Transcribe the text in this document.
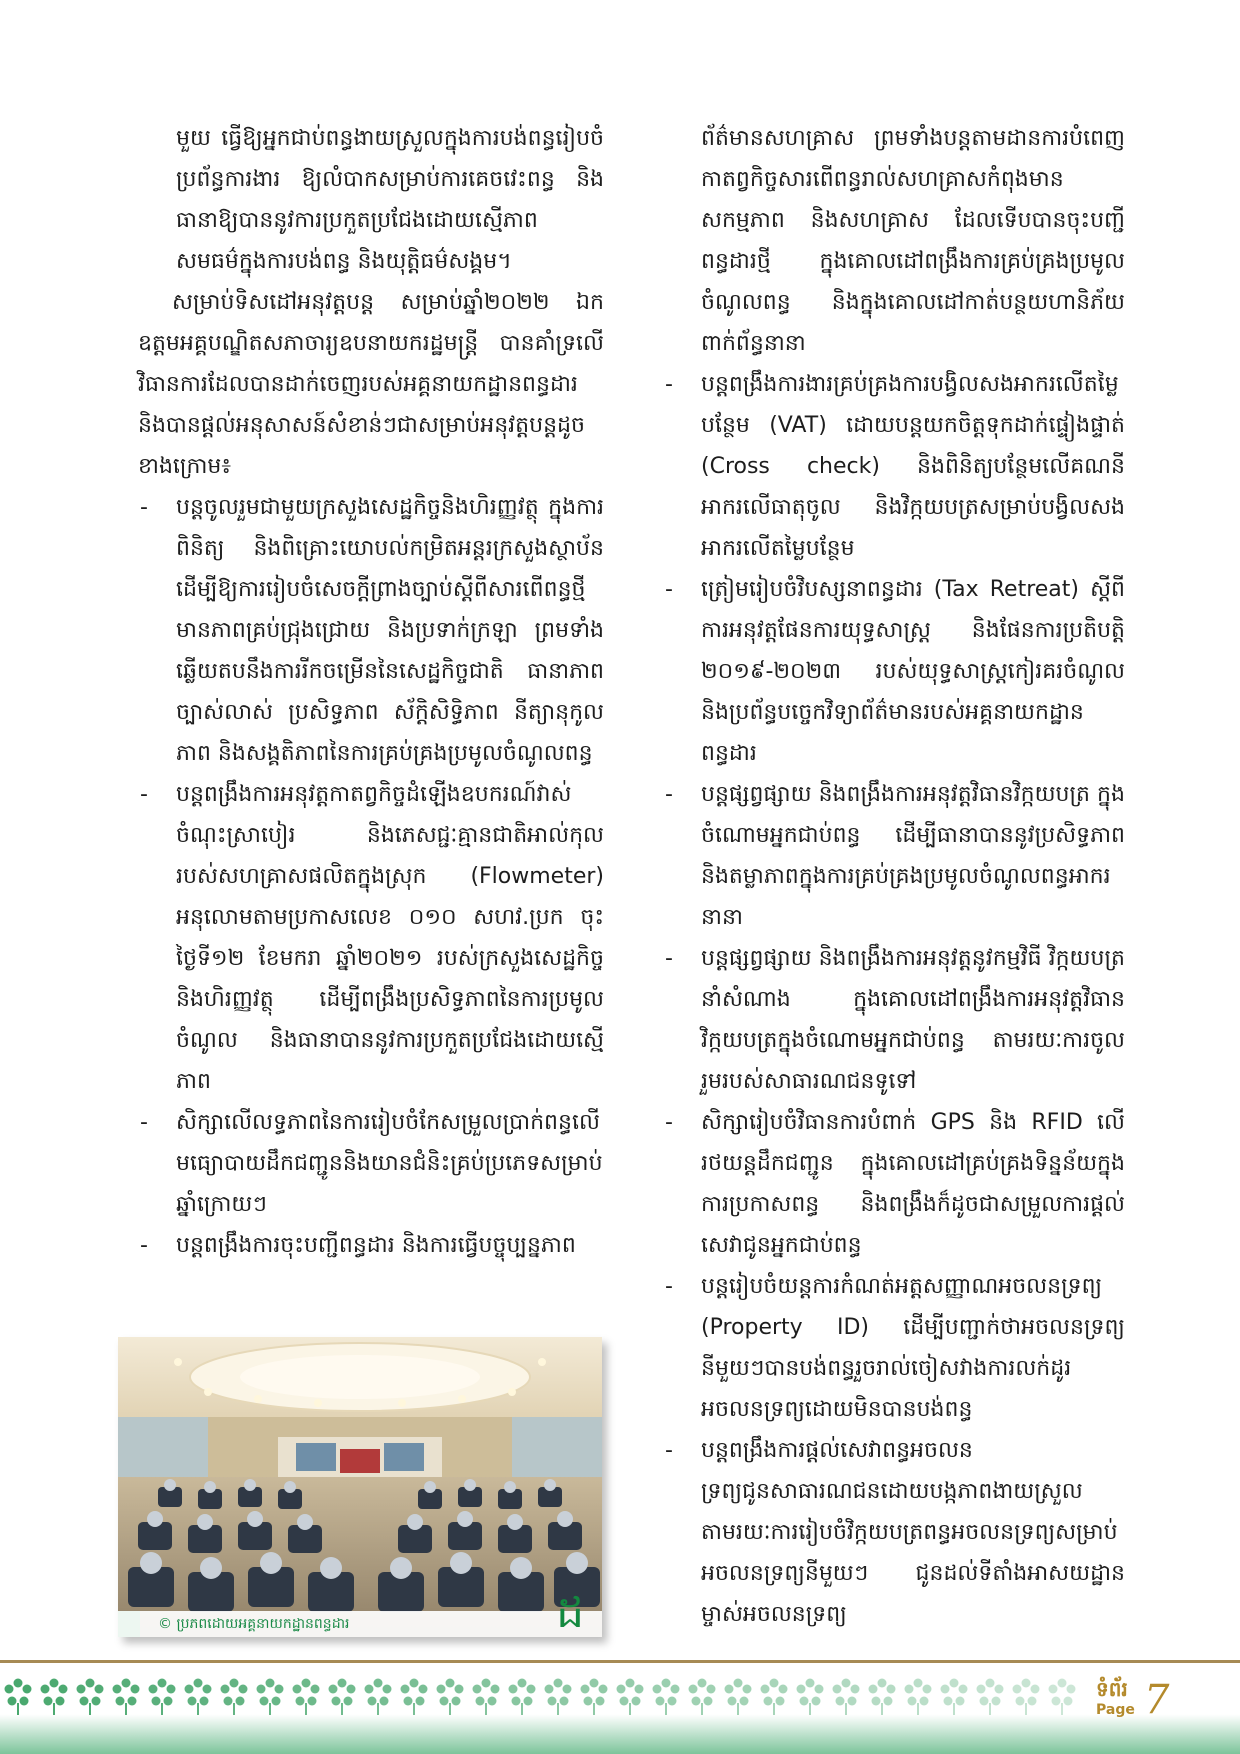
មួយ ធ្វើឱ្យអ្នកជាប់ពន្ធងាយស្រួលក្នុងការបង់ពន្ធរៀបចំប្រព័ន្ធការងារ ឱ្យលំបាកសម្រាប់ការគេចវេះពន្ធ និងធានាឱ្យបាននូវការប្រកួតប្រជែងដោយស្មើភាព សមធម៌ក្នុងការបង់ពន្ធ និងយុត្តិធម៌សង្គម។

សម្រាប់ទិសដៅអនុវត្តបន្ត សម្រាប់ឆ្នាំ២០២២ ឯកឧត្តមអគ្គបណ្ឌិតសភាចារ្យឧបនាយករដ្ឋមន្ត្រី បានគាំទ្រលើវិធានការដែលបានដាក់ចេញរបស់អគ្គនាយកដ្ឋានពន្ធដារ និងបានផ្តល់អនុសាសន៍សំខាន់ៗជាសម្រាប់អនុវត្តបន្តដូចខាងក្រោម៖

- បន្តចូលរួមជាមួយក្រសួងសេដ្ឋកិច្ចនិងហិរញ្ញវត្ថុ ក្នុងការពិនិត្យ និងពិគ្រោះយោបល់កម្រិតអន្តរក្រសួងស្ថាប័ន ដើម្បីឱ្យការរៀបចំសេចក្តីព្រាងច្បាប់ស្តីពីសារពើពន្ធថ្មី មានភាពគ្រប់ជ្រុងជ្រោយ និងប្រទាក់ក្រឡា ព្រមទាំងឆ្លើយតបនឹងការរីកចម្រើននៃសេដ្ឋកិច្ចជាតិ ធានាភាពច្បាស់លាស់ ប្រសិទ្ធភាព ស័ក្តិសិទ្ធិភាព នីត្យានុកូលភាព និងសង្គតិភាពនៃការគ្រប់គ្រងប្រមូលចំណូលពន្ធ
- បន្តពង្រឹងការអនុវត្តកាតព្វកិច្ចដំឡើងឧបករណ៍វាស់ចំណុះស្រាបៀរ និងភេសជ្ជៈគ្មានជាតិអាល់កុលរបស់សហគ្រាសផលិតក្នុងស្រុក (Flowmeter) អនុលោមតាមប្រកាសលេខ ០១០ សហវ.ប្រក ចុះថ្ងៃទី១២ ខែមករា ឆ្នាំ២០២១ របស់ក្រសួងសេដ្ឋកិច្ចនិងហិរញ្ញវត្ថុ ដើម្បីពង្រឹងប្រសិទ្ធភាពនៃការប្រមូលចំណូល និងធានាបាននូវការប្រកួតប្រជែងដោយស្មើភាព
- សិក្សាលើលទ្ធភាពនៃការរៀបចំកែសម្រួលប្រាក់ពន្ធលើមធ្យោបាយដឹកជញ្ជូននិងយានជំនិះគ្រប់ប្រភេទសម្រាប់ឆ្នាំក្រោយៗ
- បន្តពង្រឹងការចុះបញ្ជីពន្ធដារ និងការធ្វើបច្ចុប្បន្នភាព

ព័ត៌មានសហគ្រាស ព្រមទាំងបន្តតាមដានការបំពេញកាតព្វកិច្ចសារពើពន្ធរាល់សហគ្រាសកំពុងមានសកម្មភាព និងសហគ្រាស ដែលទើបបានចុះបញ្ជីពន្ធដារថ្មី ក្នុងគោលដៅពង្រឹងការគ្រប់គ្រងប្រមូលចំណូលពន្ធ និងក្នុងគោលដៅកាត់បន្ថយហានិភ័យពាក់ព័ន្ធនានា

- បន្តពង្រឹងការងារគ្រប់គ្រងការបង្វិលសងអាករលើតម្លៃបន្ថែម (VAT) ដោយបន្តយកចិត្តទុកដាក់ផ្ទៀងផ្ទាត់ (Cross check) និងពិនិត្យបន្ថែមលើគណនីអាករលើធាតុចូល និងវិក្កយបត្រសម្រាប់បង្វិលសងអាករលើតម្លៃបន្ថែម
- ត្រៀមរៀបចំវិបស្សនាពន្ធដារ (Tax Retreat) ស្តីពីការអនុវត្តផែនការយុទ្ធសាស្ត្រ និងផែនការប្រតិបត្តិ ២០១៩-២០២៣ របស់យុទ្ធសាស្ត្រកៀរគរចំណូល និងប្រព័ន្ធបច្ចេកវិទ្យាព័ត៌មានរបស់អគ្គនាយកដ្ឋានពន្ធដារ
- បន្តផ្សព្វផ្សាយ និងពង្រឹងការអនុវត្តវិធានវិក្កយបត្រ ក្នុងចំណោមអ្នកជាប់ពន្ធ ដើម្បីធានាបាននូវប្រសិទ្ធភាព និងតម្លាភាពក្នុងការគ្រប់គ្រងប្រមូលចំណូលពន្ធអាករនានា
- បន្តផ្សព្វផ្សាយ និងពង្រឹងការអនុវត្តនូវកម្មវិធី វិក្កយបត្រនាំសំណាង ក្នុងគោលដៅពង្រឹងការអនុវត្តវិធានវិក្កយបត្រក្នុងចំណោមអ្នកជាប់ពន្ធ តាមរយៈការចូលរួមរបស់សាធារណជនទូទៅ
- សិក្សារៀបចំវិធានការបំពាក់ GPS និង RFID លើរថយន្តដឹកជញ្ជូន ក្នុងគោលដៅគ្រប់គ្រងទិន្នន័យក្នុងការប្រកាសពន្ធ និងពង្រឹងក៏ដូចជាសម្រួលការផ្តល់សេវាជូនអ្នកជាប់ពន្ធ
- បន្តរៀបចំយន្តការកំណត់អត្តសញ្ញាណអចលនទ្រព្យ (Property ID) ដើម្បីបញ្ជាក់ថាអចលនទ្រព្យនីមួយៗបានបង់ពន្ធរួចរាល់ចៀសវាងការលក់ដូរអចលនទ្រព្យដោយមិនបានបង់ពន្ធ
- បន្តពង្រឹងការផ្តល់សេវាពន្ធអចលនទ្រព្យជូនសាធារណជនដោយបង្កភាពងាយស្រួលតាមរយៈការរៀបចំវិក្កយបត្រពន្ធអចលនទ្រព្យសម្រាប់អចលនទ្រព្យនីមួយៗ ជូនដល់ទីតាំងអាសយដ្ឋានម្ចាស់អចលនទ្រព្យ
© ប្រភពដោយអគ្គនាយកដ្ឋានពន្ធដារ	ដ
ទំព័រ
Page 7
